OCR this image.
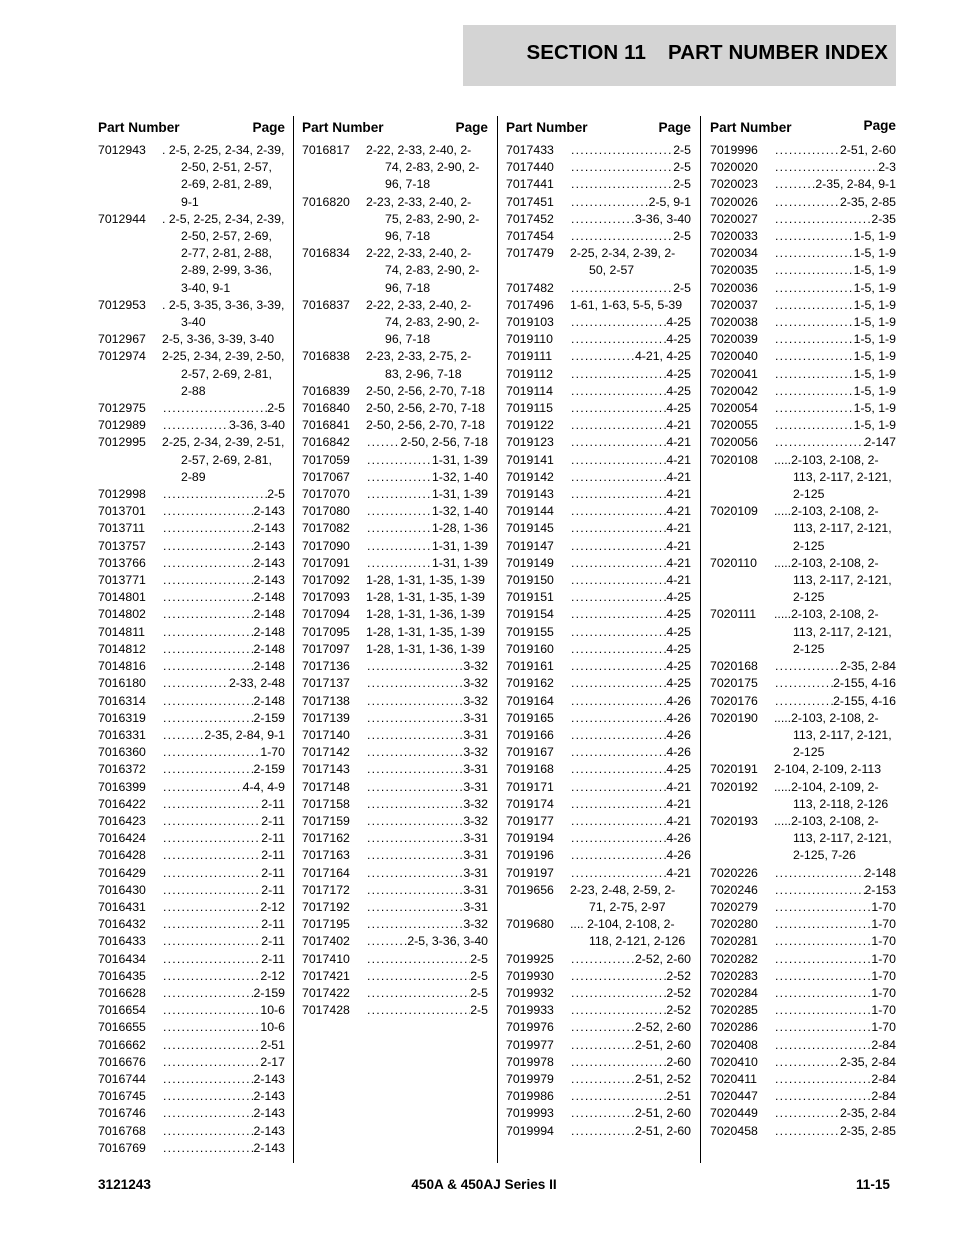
SECTION 11 PART NUMBER INDEX
Part Number	Page
7012943	. 2-5, 2-25, 2-34, 2-39, 2-50, 2-51, 2-57, 2-69, 2-81, 2-89, 9-1
7012944	. 2-5, 2-25, 2-34, 2-39, 2-50, 2-57, 2-69, 2-77, 2-81, 2-88, 2-89, 2-99, 3-36, 3-40, 9-1
7012953	. 2-5, 3-35, 3-36, 3-39, 3-40
7012967	2-5, 3-36, 3-39, 3-40
7012974	2-25, 2-34, 2-39, 2-50, 2-57, 2-69, 2-81, 2-88
7012975 .....	2-5
7012989 .....	3-36, 3-40
7012995	2-25, 2-34, 2-39, 2-51, 2-57, 2-69, 2-81, 2-89
7012998 .....	2-5
7013701 .....	2-143
7013711 .....	2-143
7013757 .....	2-143
7013766 .....	2-143
7013771 .....	2-143
7014801 .....	2-148
7014802 .....	2-148
7014811 .....	2-148
7014812 .....	2-148
7014816 .....	2-148
7016180 .....	2-33, 2-48
7016314 .....	2-148
7016319 .....	2-159
7016331 .....	2-35, 2-84, 9-1
7016360 .....	1-70
7016372 .....	2-159
7016399 .....	4-4, 4-9
7016422 .....	2-11
7016423 .....	2-11
7016424 .....	2-11
7016428 .....	2-11
7016429 .....	2-11
7016430 .....	2-11
7016431 .....	2-12
7016432 .....	2-11
7016433 .....	2-11
7016434 .....	2-11
7016435 .....	2-12
7016628 .....	2-159
7016654 .....	10-6
7016655 .....	10-6
7016662 .....	2-51
7016676 .....	2-17
7016744 .....	2-143
7016745 .....	2-143
7016746 .....	2-143
7016768 .....	2-143
7016769 .....	2-143
Part Number	Page
7016817	2-22, 2-33, 2-40, 2-74, 2-83, 2-90, 2-96, 7-18
7016820	2-23, 2-33, 2-40, 2-75, 2-83, 2-90, 2-96, 7-18
7016834	2-22, 2-33, 2-40, 2-74, 2-83, 2-90, 2-96, 7-18
7016837	2-22, 2-33, 2-40, 2-74, 2-83, 2-90, 2-96, 7-18
7016838	2-23, 2-33, 2-75, 2-83, 2-96, 7-18
7016839	2-50, 2-56, 2-70, 7-18
7016840	2-50, 2-56, 2-70, 7-18
7016841	2-50, 2-56, 2-70, 7-18
7016842 .....	2-50, 2-56, 7-18
7017059 .....	1-31, 1-39
7017067 .....	1-32, 1-40
7017070 .....	1-31, 1-39
7017080 .....	1-32, 1-40
7017082 .....	1-28, 1-36
7017090 .....	1-31, 1-39
7017091 .....	1-31, 1-39
7017092	1-28, 1-31, 1-35, 1-39
7017093	1-28, 1-31, 1-35, 1-39
7017094	1-28, 1-31, 1-36, 1-39
7017095	1-28, 1-31, 1-35, 1-39
7017097	1-28, 1-31, 1-36, 1-39
7017136 .....	3-32
7017137 .....	3-32
7017138 .....	3-32
7017139 .....	3-31
7017140 .....	3-31
7017142 .....	3-32
7017143 .....	3-31
7017148 .....	3-31
7017158 .....	3-32
7017159 .....	3-32
7017162 .....	3-31
7017163 .....	3-31
7017164 .....	3-31
7017172 .....	3-31
7017192 .....	3-31
7017195 .....	3-32
7017402 .....	2-5, 3-36, 3-40
7017410 .....	2-5
7017421 .....	2-5
7017422 .....	2-5
7017428 .....	2-5
Part Number	Page
7017433 .....	2-5
7017440 .....	2-5
7017441 .....	2-5
7017451 .....	2-5, 9-1
7017452 .....	3-36, 3-40
7017454 .....	2-5
7017479	2-25, 2-34, 2-39, 2-50, 2-57
7017482 .....	2-5
7017496	1-61, 1-63, 5-5, 5-39
7019103 .....	4-25
7019110 .....	4-25
7019111 .....	4-21, 4-25
7019112 .....	4-25
7019114 .....	4-25
7019115 .....	4-25
7019122 .....	4-21
7019123 .....	4-21
7019141 .....	4-21
7019142 .....	4-21
7019143 .....	4-21
7019144 .....	4-21
7019145 .....	4-21
7019147 .....	4-21
7019149 .....	4-21
7019150 .....	4-21
7019151 .....	4-25
7019154 .....	4-25
7019155 .....	4-25
7019160 .....	4-25
7019161 .....	4-25
7019162 .....	4-25
7019164 .....	4-26
7019165 .....	4-26
7019166 .....	4-26
7019167 .....	4-26
7019168 .....	4-25
7019171 .....	4-21
7019174 .....	4-21
7019177 .....	4-21
7019194 .....	4-26
7019196 .....	4-26
7019197 .....	4-21
7019656	2-23, 2-48, 2-59, 2-71, 2-75, 2-97
7019680	.... 2-104, 2-108, 2-118, 2-121, 2-126
7019925 .....	2-52, 2-60
7019930 .....	2-52
7019932 .....	2-52
7019933 .....	2-52
7019976 .....	2-52, 2-60
7019977 .....	2-51, 2-60
7019978 .....	2-60
7019979 .....	2-51, 2-52
7019986 .....	2-51
7019993 .....	2-51, 2-60
7019994 .....	2-51, 2-60
Part Number	Page
7019996 .....	2-51, 2-60
7020020 .....	2-3
7020023 .....	2-35, 2-84, 9-1
7020026 .....	2-35, 2-85
7020027 .....	2-35
7020033 .....	1-5, 1-9
7020034 .....	1-5, 1-9
7020035 .....	1-5, 1-9
7020036 .....	1-5, 1-9
7020037 .....	1-5, 1-9
7020038 .....	1-5, 1-9
7020039 .....	1-5, 1-9
7020040 .....	1-5, 1-9
7020041 .....	1-5, 1-9
7020042 .....	1-5, 1-9
7020054 .....	1-5, 1-9
7020055 .....	1-5, 1-9
7020056 .....	2-147
7020108	.....2-103, 2-108, 2-113, 2-117, 2-121, 2-125
7020109	.....2-103, 2-108, 2-113, 2-117, 2-121, 2-125
7020110	.....2-103, 2-108, 2-113, 2-117, 2-121, 2-125
7020111	.....2-103, 2-108, 2-113, 2-117, 2-121, 2-125
7020168 .....	2-35, 2-84
7020175 .....	2-155, 4-16
7020176 .....	2-155, 4-16
7020190	.....2-103, 2-108, 2-113, 2-117, 2-121, 2-125
7020191	2-104, 2-109, 2-113
7020192	.....2-104, 2-109, 2-113, 2-118, 2-126
7020193	.....2-103, 2-108, 2-113, 2-117, 2-121, 2-125, 7-26
7020226 .....	2-148
7020246 .....	2-153
7020279 .....	1-70
7020280 .....	1-70
7020281 .....	1-70
7020282 .....	1-70
7020283 .....	1-70
7020284 .....	1-70
7020285 .....	1-70
7020286 .....	1-70
7020408 .....	2-84
7020410 .....	2-35, 2-84
7020411 .....	2-84
7020447 .....	2-84
7020449 .....	2-35, 2-84
7020458 .....	2-35, 2-85
3121243	450A & 450AJ Series II	11-15
